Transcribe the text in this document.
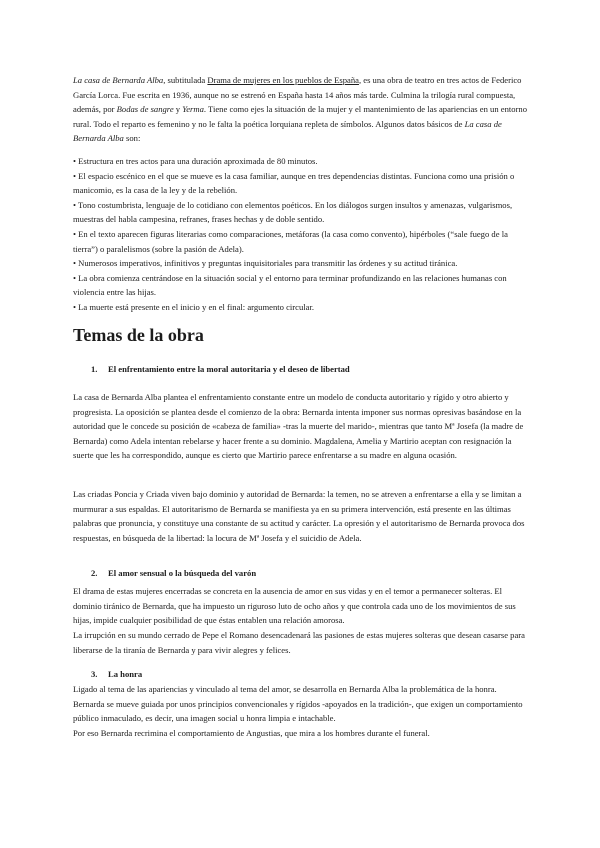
La casa de Bernarda Alba, subtitulada Drama de mujeres en los pueblos de España, es una obra de teatro en tres actos de Federico García Lorca. Fue escrita en 1936, aunque no se estrenó en España hasta 14 años más tarde. Culmina la trilogía rural compuesta, además, por Bodas de sangre y Yerma. Tiene como ejes la situación de la mujer y el mantenimiento de las apariencias en un entorno rural. Todo el reparto es femenino y no le falta la poética lorquiana repleta de símbolos. Algunos datos básicos de La casa de Bernarda Alba son:

• Estructura en tres actos para una duración aproximada de 80 minutos.
• El espacio escénico en el que se mueve es la casa familiar, aunque en tres dependencias distintas. Funciona como una prisión o manicomio, es la casa de la ley y de la rebelión.
• Tono costumbrista, lenguaje de lo cotidiano con elementos poéticos. En los diálogos surgen insultos y amenazas, vulgarismos, muestras del habla campesina, refranes, frases hechas y de doble sentido.
• En el texto aparecen figuras literarias como comparaciones, metáforas (la casa como convento), hipérboles (“sale fuego de la tierra”) o paralelismos (sobre la pasión de Adela).
• Numerosos imperativos, infinitivos y preguntas inquisitoriales para transmitir las órdenes y su actitud tiránica.
• La obra comienza centrándose en la situación social y el entorno para terminar profundizando en las relaciones humanas con violencia entre las hijas.
• La muerte está presente en el inicio y en el final: argumento circular.
Temas de la obra
1. El enfrentamiento entre la moral autoritaria y el deseo de libertad
La casa de Bernarda Alba plantea el enfrentamiento constante entre un modelo de conducta autoritario y rígido y otro abierto y progresista. La oposición se plantea desde el comienzo de la obra: Bernarda intenta imponer sus normas opresivas basándose en la autoridad que le concede su posición de «cabeza de familia» -tras la muerte del marido-, mientras que tanto Mª Josefa (la madre de Bernarda) como Adela intentan rebelarse y hacer frente a su dominio. Magdalena, Amelia y Martirio aceptan con resignación la suerte que les ha correspondido, aunque es cierto que Martirio parece enfrentarse a su madre en alguna ocasión.
Las criadas Poncia y Criada viven bajo dominio y autoridad de Bernarda: la temen, no se atreven a enfrentarse a ella y se limitan a murmurar a sus espaldas. El autoritarismo de Bernarda se manifiesta ya en su primera intervención, está presente en las últimas palabras que pronuncia, y constituye una constante de su actitud y carácter. La opresión y el autoritarismo de Bernarda provoca dos respuestas, en búsqueda de la libertad: la locura de Mª Josefa y el suicidio de Adela.
2. El amor sensual o la búsqueda del varón
El drama de estas mujeres encerradas se concreta en la ausencia de amor en sus vidas y en el temor a permanecer solteras. El dominio tiránico de Bernarda, que ha impuesto un riguroso luto de ocho años y que controla cada uno de los movimientos de sus hijas, impide cualquier posibilidad de que éstas entablen una relación amorosa.
La irrupción en su mundo cerrado de Pepe el Romano desencadenará las pasiones de estas mujeres solteras que desean casarse para liberarse de la tiranía de Bernarda y para vivir alegres y felices.
3. La honra
Ligado al tema de las apariencias y vinculado al tema del amor, se desarrolla en Bernarda Alba la problemática de la honra. Bernarda se mueve guiada por unos principios convencionales y rígidos -apoyados en la tradición-, que exigen un comportamiento público inmaculado, es decir, una imagen social u honra limpia e intachable.
Por eso Bernarda recrimina el comportamiento de Angustias, que mira a los hombres durante el funeral.
